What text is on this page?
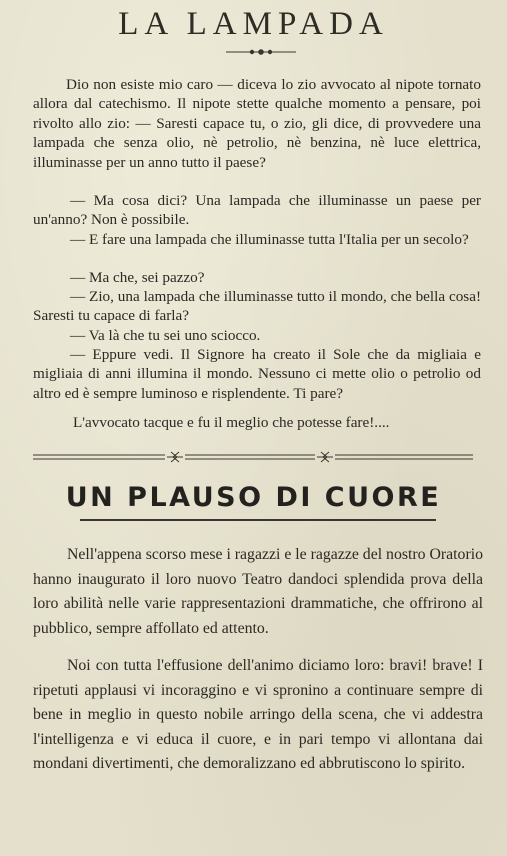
LA LAMPADA

Dio non esiste mio caro — diceva lo zio avvocato al nipote tornato allora dal catechismo. Il nipote stette qualche momento a pensare, poi rivolto allo zio: — Saresti capace tu, o zio, gli dice, di provvedere una lampada che senza olio, nè petrolio, nè benzina, nè luce elettrica, illuminasse per un anno tutto il paese?

— Ma cosa dici? Una lampada che illuminasse un paese per un'anno? Non è possibile.

— E fare una lampada che illuminasse tutta l'Italia per un secolo?

— Ma che, sei pazzo?

— Zio, una lampada che illuminasse tutto il mondo, che bella cosa! Saresti tu capace di farla?

— Va là che tu sei uno sciocco.

— Eppure vedi. Il Signore ha creato il Sole che da migliaia e migliaia di anni illumina il mondo. Nessuno ci mette olio o petrolio od altro ed è sempre luminoso e risplendente. Ti pare?

L'avvocato tacque e fu il meglio che potesse fare!....

UN PLAUSO DI CUORE

Nell'appena scorso mese i ragazzi e le ragazze del nostro Oratorio hanno inaugurato il loro nuovo Teatro dandoci splendida prova della loro abilità nelle varie rappresentazioni drammatiche, che offrirono al pubblico, sempre affollato ed attento.

Noi con tutta l'effusione dell'animo diciamo loro: bravi! brave! I ripetuti applausi vi incoraggino e vi spronino a continuare sempre di bene in meglio in questo nobile arringo della scena, che vi addestra l'intelligenza e vi educa il cuore, e in pari tempo vi allontana dai mondani divertimenti, che demoralizzano ed abbrutiscono lo spirito.
